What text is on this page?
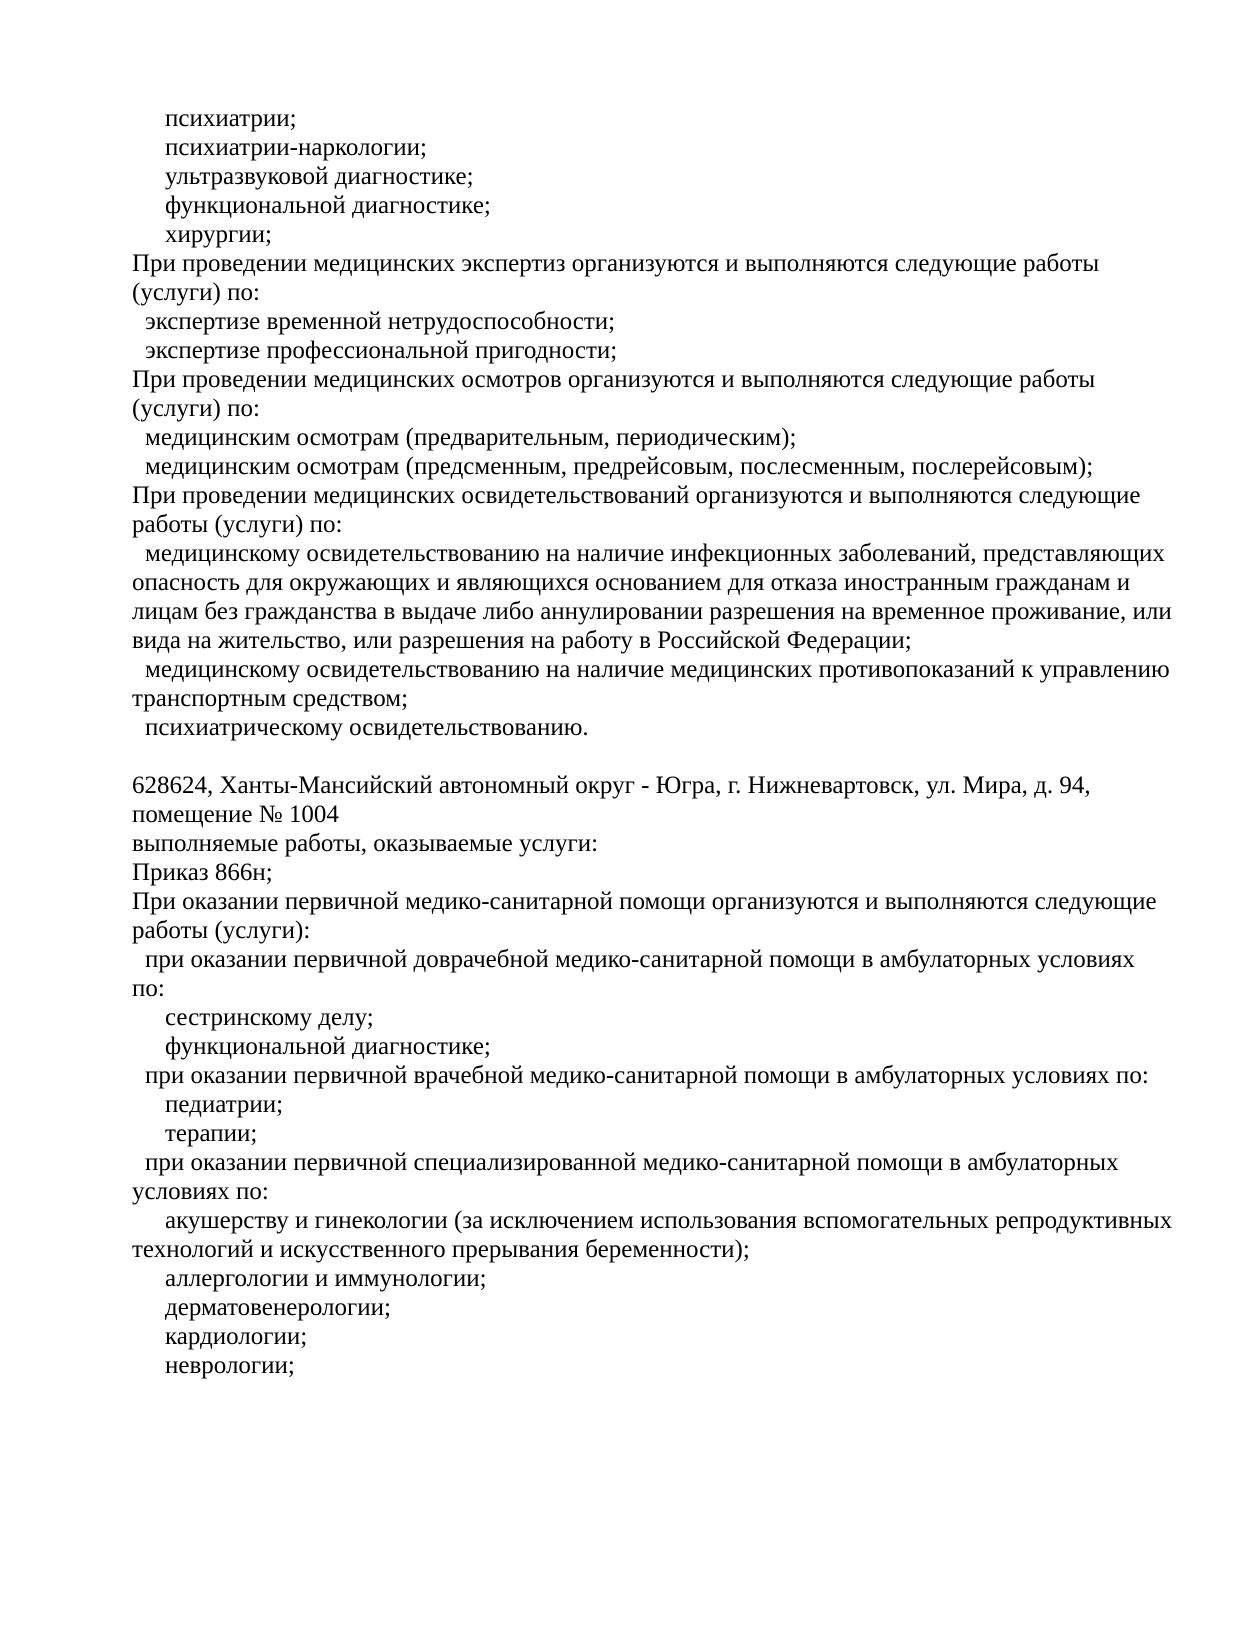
психиатрии;
психиатрии-наркологии;
ультразвуковой диагностике;
функциональной диагностике;
хирургии;
При проведении медицинских экспертиз организуются и выполняются следующие работы
(услуги) по:
экспертизе временной нетрудоспособности;
экспертизе профессиональной пригодности;
При проведении медицинских осмотров организуются и выполняются следующие работы
(услуги) по:
медицинским осмотрам (предварительным, периодическим);
медицинским осмотрам (предсменным, предрейсовым, послесменным, послерейсовым);
При проведении медицинских освидетельствований организуются и выполняются следующие
работы (услуги) по:
медицинскому освидетельствованию на наличие инфекционных заболеваний, представляющих
опасность для окружающих и являющихся основанием для отказа иностранным гражданам и
лицам без гражданства в выдаче либо аннулировании разрешения на временное проживание, или
вида на жительство, или разрешения на работу в Российской Федерации;
медицинскому освидетельствованию на наличие медицинских противопоказаний к управлению
транспортным средством;
психиатрическому освидетельствованию.
628624, Ханты-Мансийский автономный округ - Югра, г. Нижневартовск, ул. Мира, д. 94,
помещение № 1004
выполняемые работы, оказываемые услуги:
Приказ 866н;
При оказании первичной медико-санитарной помощи организуются и выполняются следующие
работы (услуги):
при оказании первичной доврачебной медико-санитарной помощи в амбулаторных условиях
по:
сестринскому делу;
функциональной диагностике;
при оказании первичной врачебной медико-санитарной помощи в амбулаторных условиях по:
педиатрии;
терапии;
при оказании первичной специализированной медико-санитарной помощи в амбулаторных
условиях по:
акушерству и гинекологии (за исключением использования вспомогательных репродуктивных
технологий и искусственного прерывания беременности);
аллергологии и иммунологии;
дерматовенерологии;
кардиологии;
неврологии;
